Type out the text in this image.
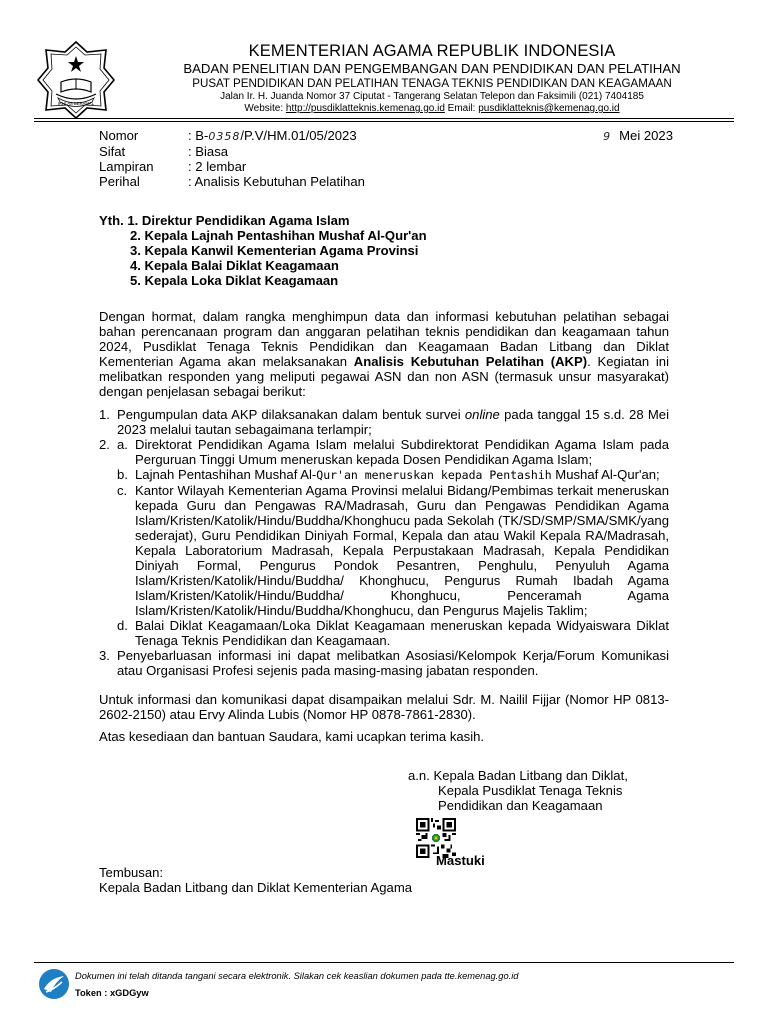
IKHLAS BERAMAL
KEMENTERIAN AGAMA REPUBLIK INDONESIA
BADAN PENELITIAN DAN PENGEMBANGAN DAN PENDIDIKAN DAN PELATIHAN
PUSAT PENDIDIKAN DAN PELATIHAN TENAGA TEKNIS PENDIDIKAN DAN KEAGAMAAN
Jalan Ir. H. Juanda Nomor 37 Ciputat - Tangerang Selatan Telepon dan Faksimili (021) 7404185
Website: http://pusdiklatteknis.kemenag.go.id Email: pusdiklatteknis@kemenag.go.id
Nomor	: B-0358/P.V/HM.01/05/2023	9 Mei 2023
Sifat	: Biasa
Lampiran	: 2 lembar
Perihal	: Analisis Kebutuhan Pelatihan
Yth. 1. Direktur Pendidikan Agama Islam
2. Kepala Lajnah Pentashihan Mushaf Al-Qur'an
3. Kepala Kanwil Kementerian Agama Provinsi
4. Kepala Balai Diklat Keagamaan
5. Kepala Loka Diklat Keagamaan

Dengan hormat, dalam rangka menghimpun data dan informasi kebutuhan pelatihan sebagai bahan perencanaan program dan anggaran pelatihan teknis pendidikan dan keagamaan tahun 2024, Pusdiklat Tenaga Teknis Pendidikan dan Keagamaan Badan Litbang dan Diklat Kementerian Agama akan melaksanakan Analisis Kebutuhan Pelatihan (AKP). Kegiatan ini melibatkan responden yang meliputi pegawai ASN dan non ASN (termasuk unsur masyarakat) dengan penjelasan sebagai berikut:

1. Pengumpulan data AKP dilaksanakan dalam bentuk survei online pada tanggal 15 s.d. 28 Mei 2023 melalui tautan sebagaimana terlampir;
2. a. Direktorat Pendidikan Agama Islam melalui Subdirektorat Pendidikan Agama Islam pada Perguruan Tinggi Umum meneruskan kepada Dosen Pendidikan Agama Islam;
b. Lajnah Pentashihan Mushaf Al-Qur'an meneruskan kepada Pentashih Mushaf Al-Qur'an;
c. Kantor Wilayah Kementerian Agama Provinsi melalui Bidang/Pembimas terkait meneruskan kepada Guru dan Pengawas RA/Madrasah, Guru dan Pengawas Pendidikan Agama Islam/Kristen/Katolik/Hindu/Buddha/Khonghucu pada Sekolah (TK/SD/SMP/SMA/SMK/yang sederajat), Guru Pendidikan Diniyah Formal, Kepala dan atau Wakil Kepala RA/Madrasah, Kepala Laboratorium Madrasah, Kepala Perpustakaan Madrasah, Kepala Pendidikan Diniyah Formal, Pengurus Pondok Pesantren, Penghulu, Penyuluh Agama Islam/Kristen/Katolik/Hindu/Buddha/ Khonghucu, Pengurus Rumah Ibadah Agama Islam/Kristen/Katolik/Hindu/Buddha/ Khonghucu, Penceramah Agama Islam/Kristen/Katolik/Hindu/Buddha/Khonghucu, dan Pengurus Majelis Taklim;
d. Balai Diklat Keagamaan/Loka Diklat Keagamaan meneruskan kepada Widyaiswara Diklat Tenaga Teknis Pendidikan dan Keagamaan.
3. Penyebarluasan informasi ini dapat melibatkan Asosiasi/Kelompok Kerja/Forum Komunikasi atau Organisasi Profesi sejenis pada masing-masing jabatan responden.
Untuk informasi dan komunikasi dapat disampaikan melalui Sdr. M. Nailil Fijjar (Nomor HP 0813-2602-2150) atau Ervy Alinda Lubis (Nomor HP 0878-7861-2830).
Atas kesediaan dan bantuan Saudara, kami ucapkan terima kasih.
a.n. Kepala Badan Litbang dan Diklat,
Kepala Pusdiklat Tenaga Teknis
Pendidikan dan Keagamaan
Mastuki
Tembusan:
Kepala Badan Litbang dan Diklat Kementerian Agama
Dokumen ini telah ditanda tangani secara elektronik. Silakan cek keaslian dokumen pada tte.kemenag.go.id
Token : xGDGyw
